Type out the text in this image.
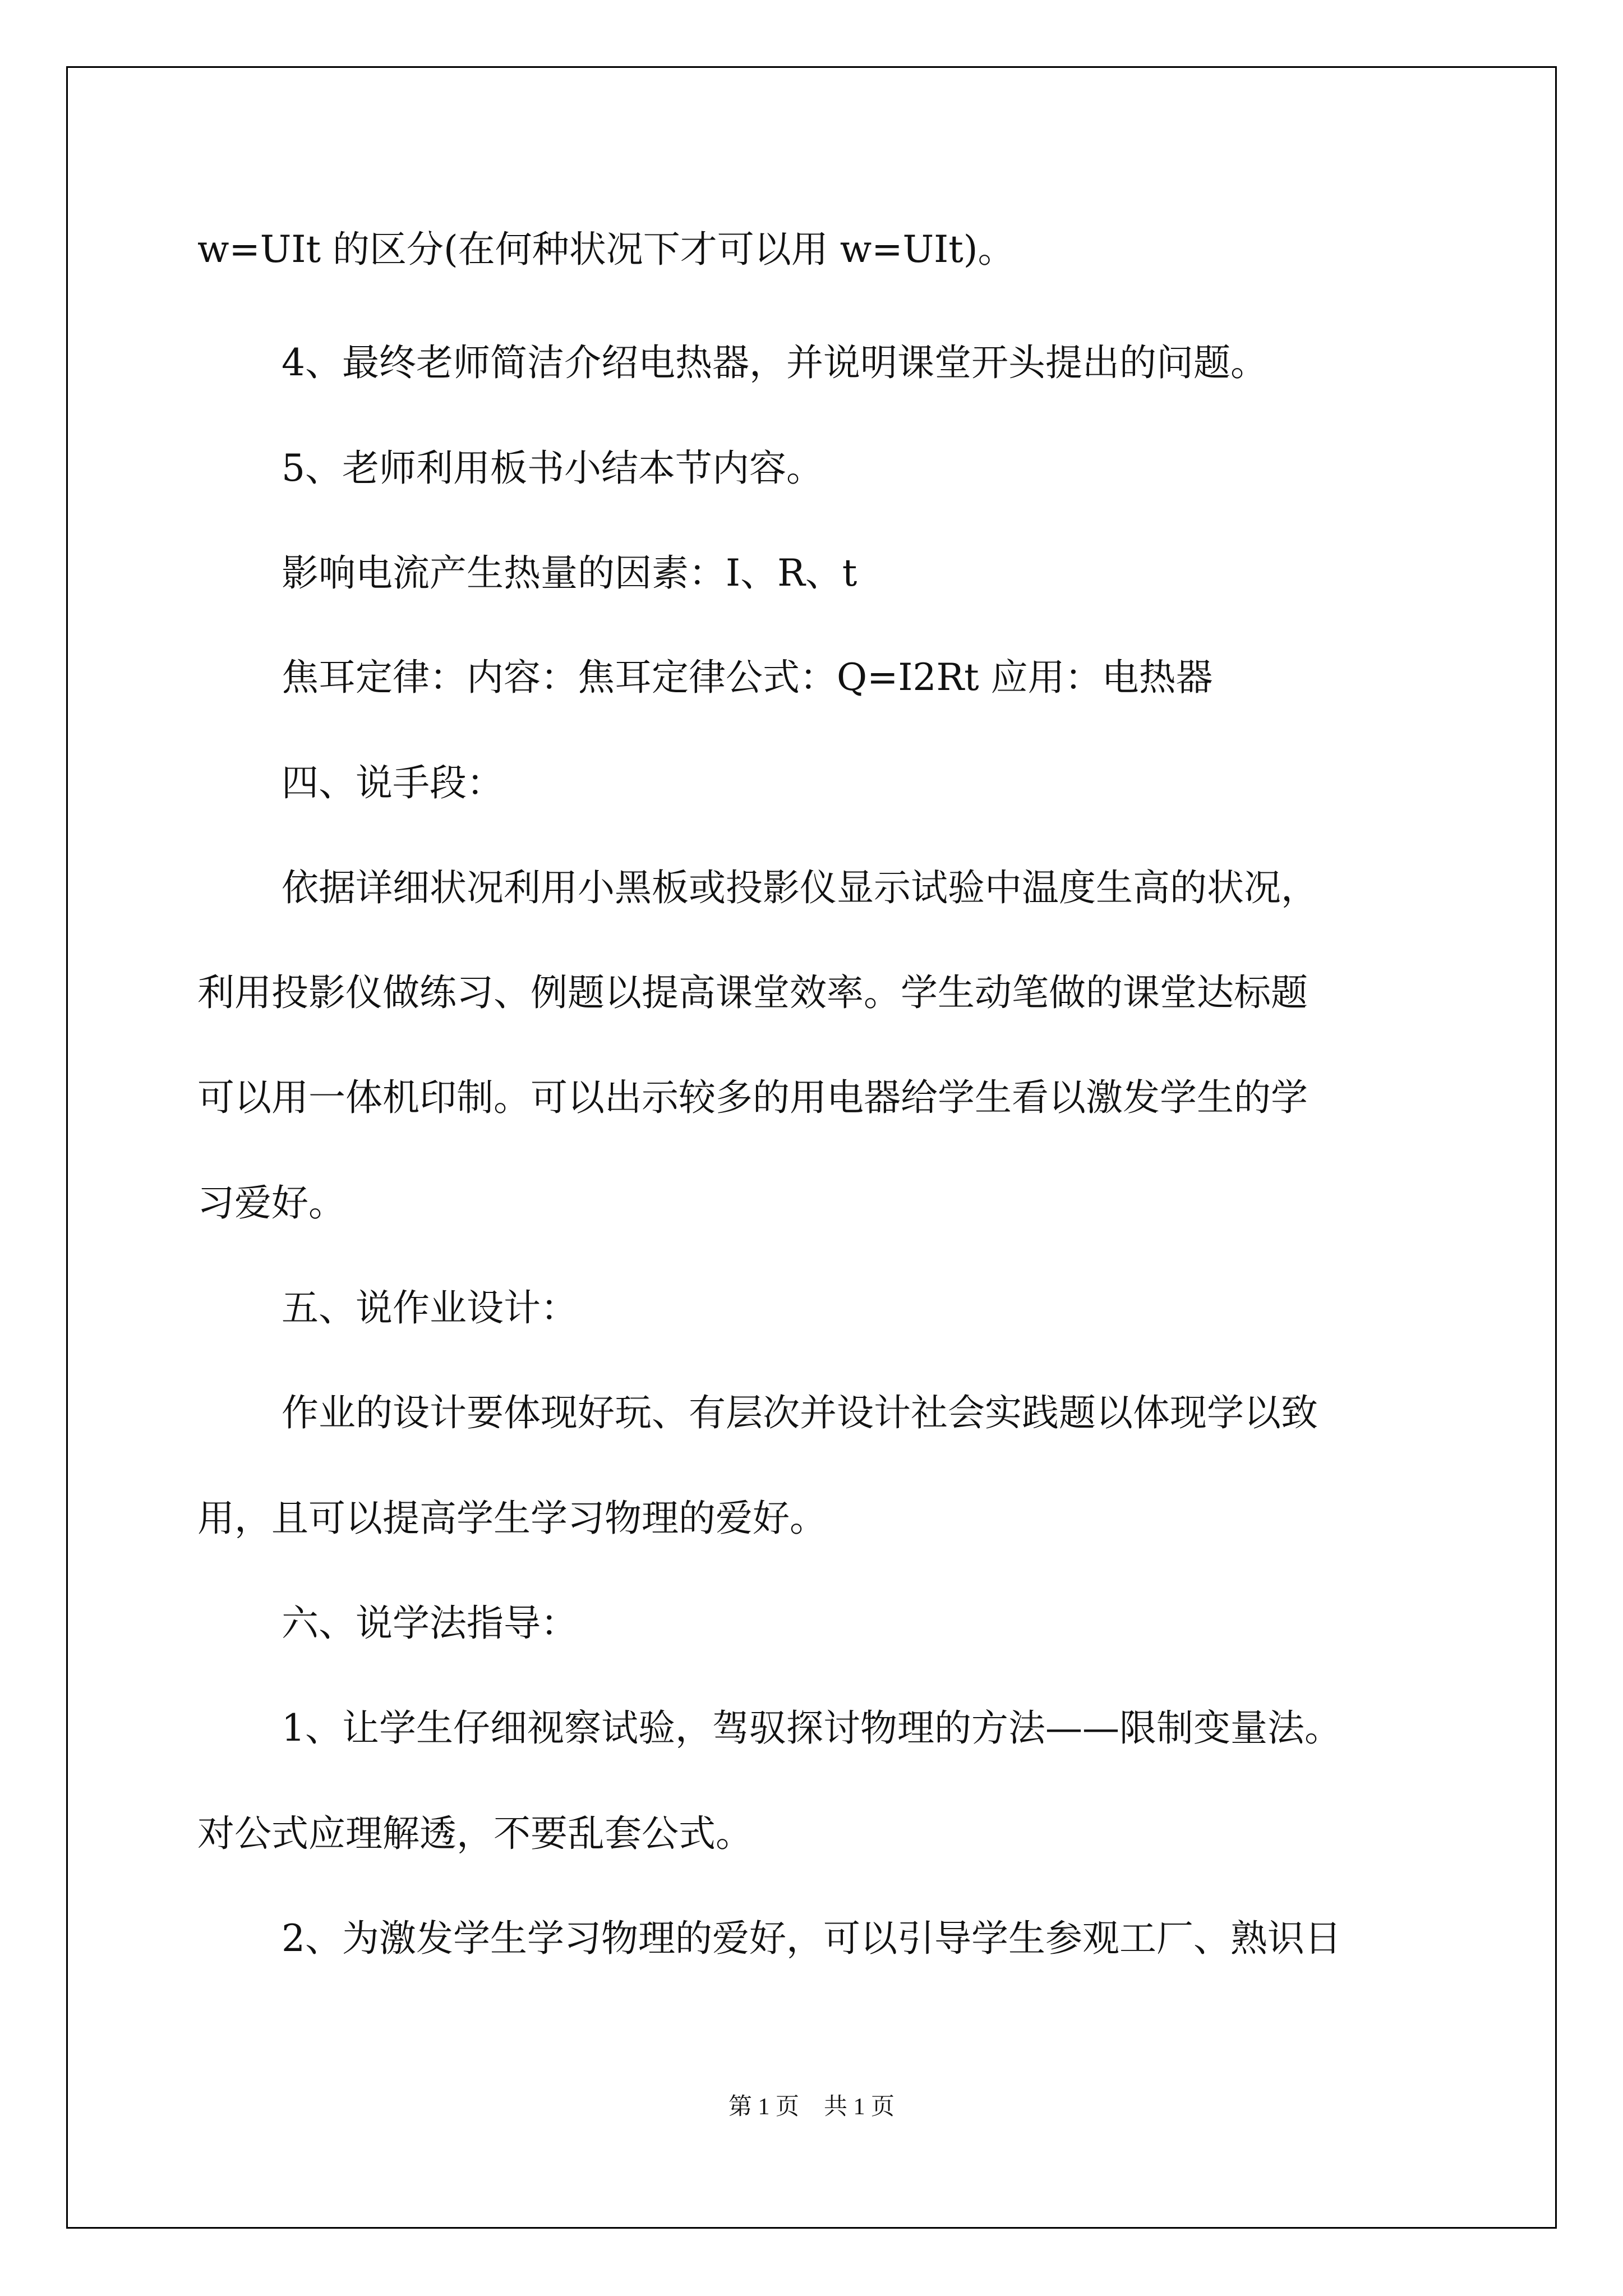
w=UIt 的区分(在何种状况下才可以用 w=UIt)。
4、最终老师简洁介绍电热器，并说明课堂开头提出的问题。
5、老师利用板书小结本节内容。
影响电流产生热量的因素：I、R、t
焦耳定律：内容：焦耳定律公式：Q=I2Rt 应用：电热器
四、说手段：
依据详细状况利用小黑板或投影仪显示试验中温度生高的状况，
利用投影仪做练习、例题以提高课堂效率。学生动笔做的课堂达标题
可以用一体机印制。可以出示较多的用电器给学生看以激发学生的学
习爱好。
五、说作业设计：
作业的设计要体现好玩、有层次并设计社会实践题以体现学以致
用，且可以提高学生学习物理的爱好。
六、说学法指导：
1、让学生仔细视察试验，驾驭探讨物理的方法——限制变量法。
对公式应理解透，不要乱套公式。
2、为激发学生学习物理的爱好，可以引导学生参观工厂、熟识日
第 1 页 共 1 页
